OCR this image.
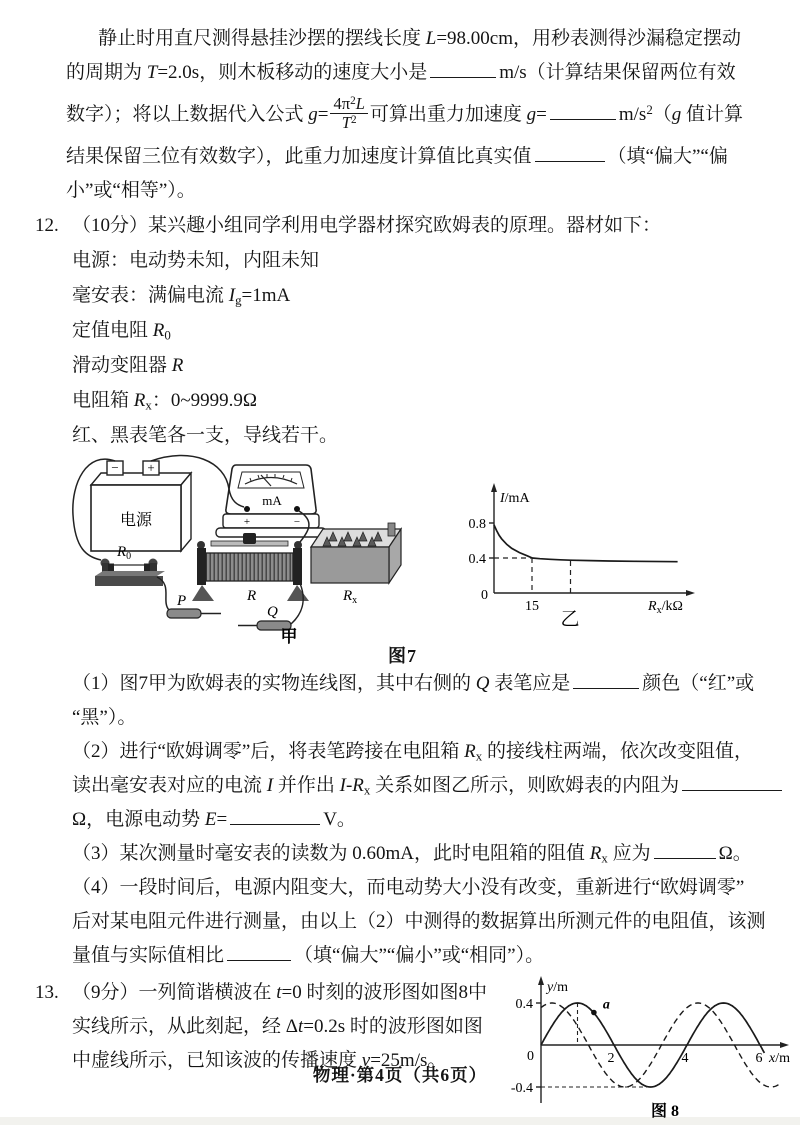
静止时用直尺测得悬挂沙摆的摆线长度 L=98.00cm，用秒表测得沙漏稳定摆动
的周期为 T=2.0s，则木板移动的速度大小是	m/s（计算结果保留两位有效
数字）；将以上数据代入公式 $g= \frac{4\pi^2L}{T^2}$ 可算出重力加速度 g=	$m/s^2(g$ 值计算
结果保留三位有效数字），此重力加速度计算值比真实值	（填“偏大”“偏
小”或“相等”）。
12. （10分）某兴趣小组同学利用电学器材探究欧姆表的原理。器材如下：
电源：电动势未知，内阻未知
毫安表：满偏电流 $I_g=1mA$
定值电阻 $R_0$
滑动变阻器 R
电阻箱 $R_x$：0~9999.9Ω
红、黑表笔各一支，导线若干。
− +
电源
mA
+	−
$R_0$
R	$R_x$
P
Q
甲
0.8
0.4
0
15
I/mA
$R_x/k\Omega$
乙
图7
（1）图7甲为欧姆表的实物连线图，其中右侧的 Q 表笔应是	颜色（“红”或
“黑”）。
（2）进行“欧姆调零”后，将表笔跨接在电阻箱 $R_x$ 的接线柱两端，依次改变阻值，
读出毫安表对应的电流 I 并作出 $I-R_x$ 关系如图乙所示，则欧姆表的内阻为
Ω，电源电动势 E=	V。
（3）某次测量时毫安表的读数为 0.60mA，此时电阻箱的阻值 $R_x$ 应为	Ω。
（4）一段时间后，电源内阻变大，而电动势大小没有改变，重新进行“欧姆调零”
后对某电阻元件进行测量，由以上（2）中测得的数据算出所测元件的电阻值，该测
量值与实际值相比	（填“偏大”“偏小”或“相同”）。
13. （9分）一列简谐横波在 t=0 时刻的波形图如图8中
实线所示，从此刻起，经 Δt=0.2s 时的波形图如图
中虚线所示，已知该波的传播速度 v=25m/s。
0.4
-0.4
0	2	4	6
y/m
x/m
a
图 8
物理·第4页（共6页）
